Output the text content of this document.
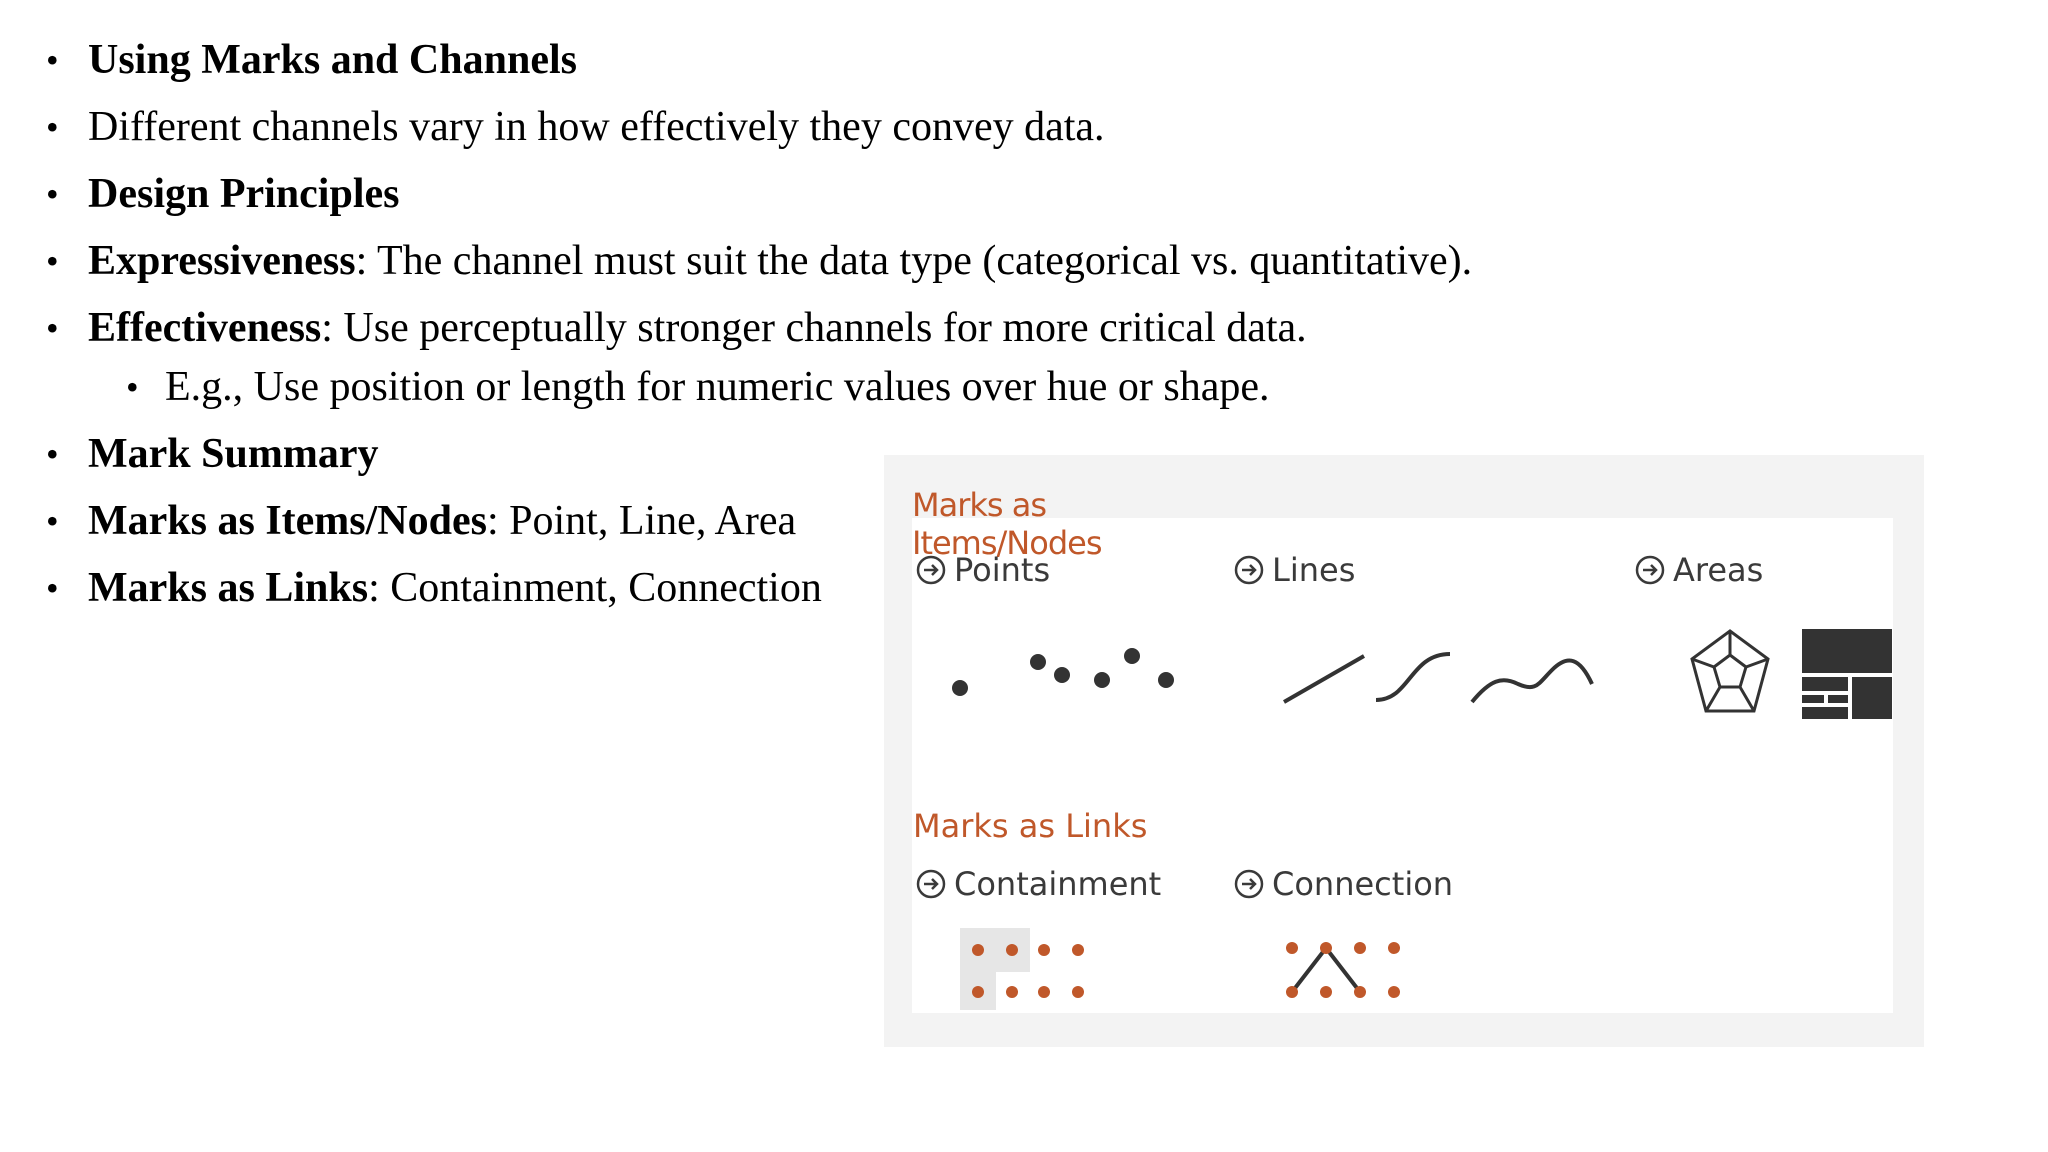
• Using Marks and Channels
• Different channels vary in how effectively they convey data.
• Design Principles
• Expressiveness: The channel must suit the data type (categorical vs. quantitative).
• Effectiveness: Use perceptually stronger channels for more critical data.
• E.g., Use position or length for numeric values over hue or shape.
• Mark Summary
• Marks as Items/Nodes: Point, Line, Area
• Marks as Links: Containment, Connection
Marks as Items/Nodes
Points	Lines	Areas
Marks as Links
Containment	Connection
